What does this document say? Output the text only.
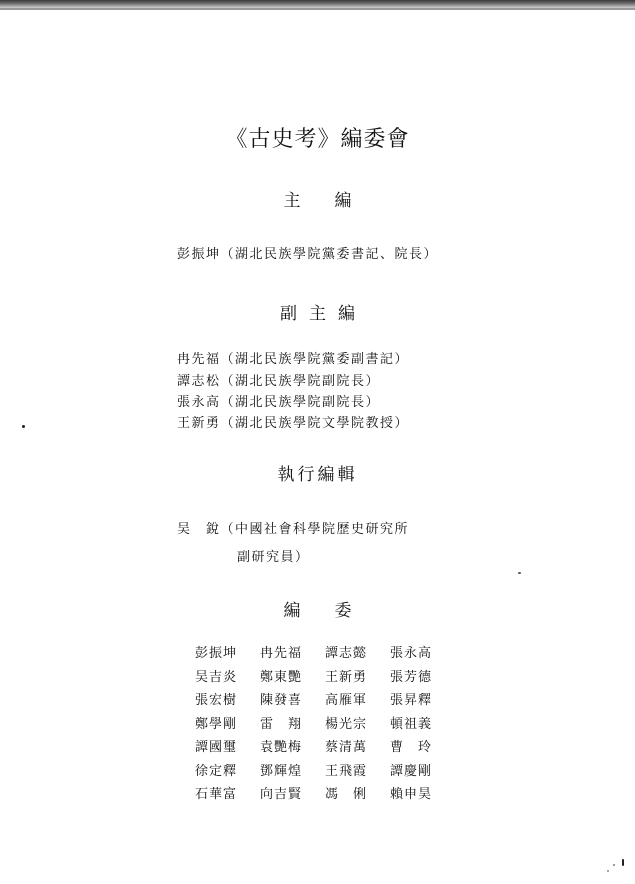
《古史考》編委會
主編
彭振坤（湖北民族學院黨委書記、院長）
副主編
冉先福（湖北民族學院黨委副書記）
譚志松（湖北民族學院副院長）
張永高（湖北民族學院副院長）
王新勇（湖北民族學院文學院教授）
執行編輯
吴　銳（中國社會科學院歷史研究所
副研究員）
編委
彭振坤	冉先福	譚志懿	張永高
吴吉炎	鄭東艷	王新勇	張芳德
張宏樹	陳發喜	高雁軍	張昇釋
鄭學剛	雷　翔	楊光宗	頓祖義
譚國璽	袁艷梅	蔡清萬	曹　玲
徐定釋	鄧輝煌	王飛霞	譚慶剛
石華富	向吉賢	馮　俐	賴申昊
